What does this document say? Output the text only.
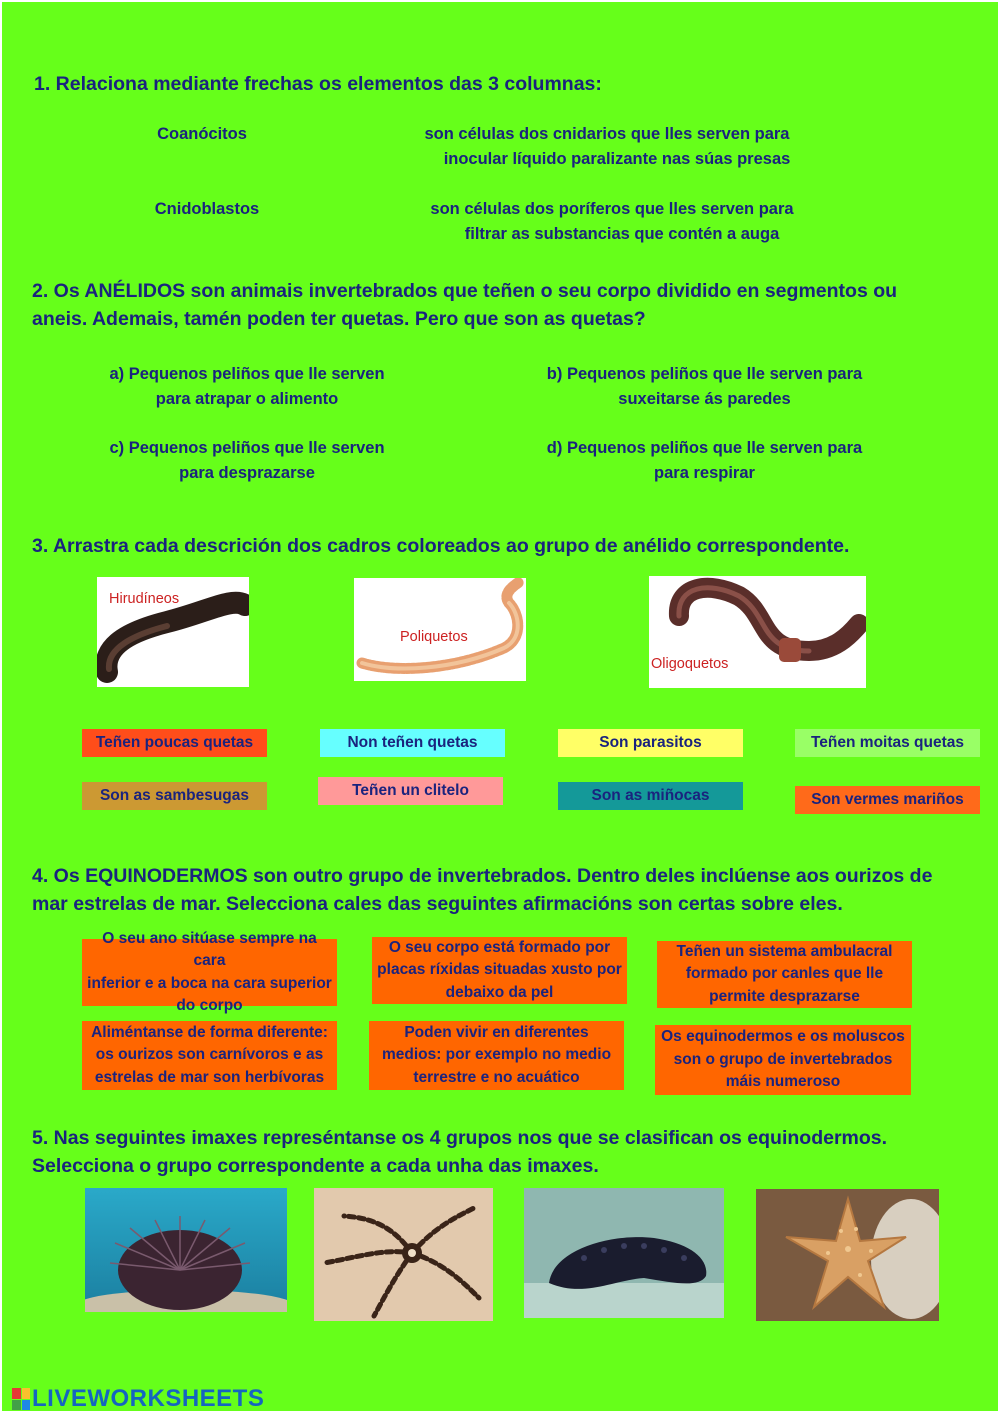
1. Relaciona mediante frechas os elementos das 3 columnas:
Coanócitos	son células dos cnidarios que lles serven para
inocular líquido paralizante nas súas presas
Cnidoblastos	son células dos poríferos que lles serven para
filtrar as substancias que contén a auga
2. Os ANÉLIDOS son animais invertebrados que teñen o seu corpo dividido en segmentos ou
aneis. Ademais, tamén poden ter quetas. Pero que son as quetas?
a) Pequenos peliños que lle serven
para atrapar o alimento
b) Pequenos peliños que lle serven para
suxeitarse ás paredes
c) Pequenos peliños que lle serven
para desprazarse
d) Pequenos peliños que lle serven para
para respirar
3. Arrastra cada descrición dos cadros coloreados ao grupo de anélido correspondente.
Hirudíneos
Poliquetos
Oligoquetos
Teñen poucas quetas	Non teñen quetas	Son parasitos	Teñen moitas quetas
Son as sambesugas	Teñen un clitelo	Son as miñocas	Son vermes mariños
4. Os EQUINODERMOS son outro grupo de invertebrados. Dentro deles inclúense aos ourizos de
mar estrelas de mar. Selecciona cales das seguintes afirmacións son certas sobre eles.
O seu ano sitúase sempre na cara
inferior e a boca na cara superior
do corpo
O seu corpo está formado por
placas ríxidas situadas xusto por
debaixo da pel
Teñen un sistema ambulacral
formado por canles que lle
permite desprazarse
Aliméntanse de forma diferente:
os ourizos son carnívoros e as
estrelas de mar son herbívoras
Poden vivir en diferentes
medios: por exemplo no medio
terrestre e no acuático
Os equinodermos e os moluscos
son o grupo de invertebrados
máis numeroso
5. Nas seguintes imaxes represéntanse os 4 grupos nos que se clasifican os equinodermos.
Selecciona o grupo correspondente a cada unha das imaxes.
LIVEWORKSHEETS
